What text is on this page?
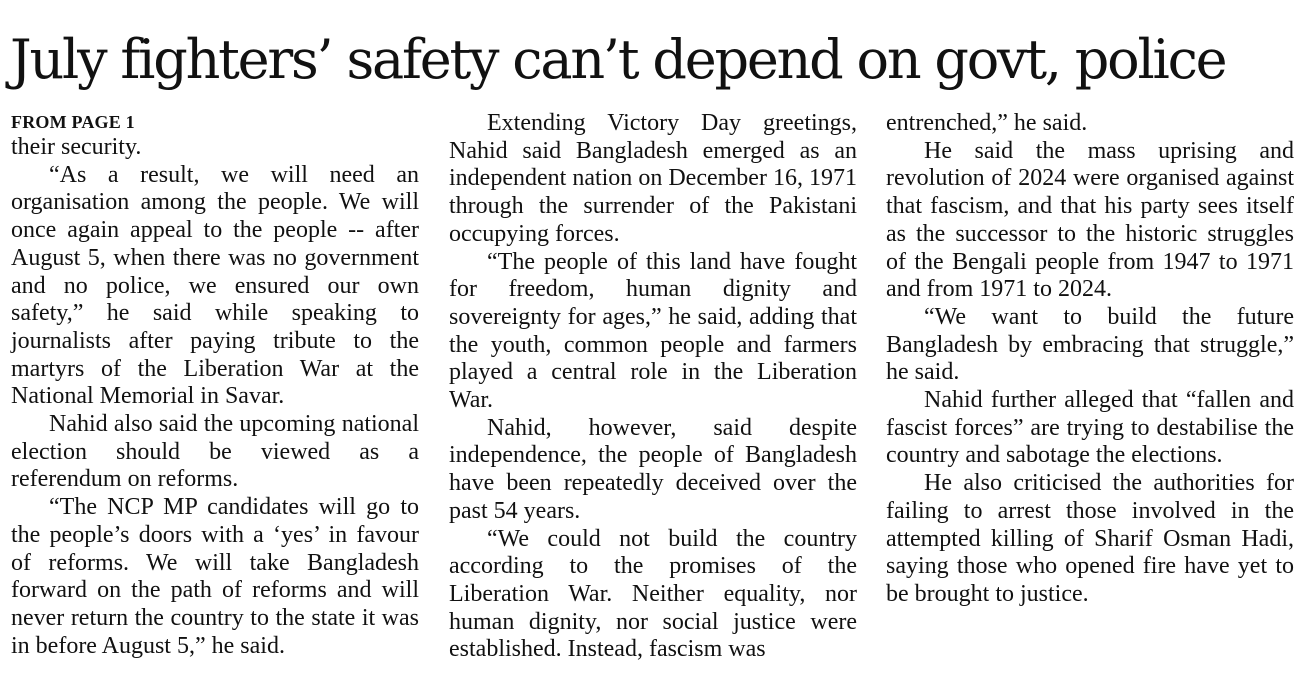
July fighters’ safety can’t depend on govt, police
FROM PAGE 1

their security.

“As a result, we will need an organisation among the people. We will once again appeal to the people -- after August 5, when there was no government and no police, we ensured our own safety,” he said while speaking to journalists after paying tribute to the martyrs of the Liberation War at the National Memorial in Savar.

Nahid also said the upcoming national election should be viewed as a referendum on reforms.

“The NCP MP candidates will go to the people’s doors with a ‘yes’ in favour of reforms. We will take Bangladesh forward on the path of reforms and will never return the country to the state it was in before August 5,” he said.

Extending Victory Day greetings, Nahid said Bangladesh emerged as an independent nation on December 16, 1971 through the surrender of the Pakistani occupying forces.

“The people of this land have fought for freedom, human dignity and sovereignty for ages,” he said, adding that the youth, common people and farmers played a central role in the Liberation War.

Nahid, however, said despite independence, the people of Bangladesh have been repeatedly deceived over the past 54 years.

“We could not build the country according to the promises of the Liberation War. Neither equality, nor human dignity, nor social justice were established. Instead, fascism was

entrenched,” he said.

He said the mass uprising and revolution of 2024 were organised against that fascism, and that his party sees itself as the successor to the historic struggles of the Bengali people from 1947 to 1971 and from 1971 to 2024.

“We want to build the future Bangladesh by embracing that struggle,” he said.

Nahid further alleged that “fallen and fascist forces” are trying to destabilise the country and sabotage the elections.

He also criticised the authorities for failing to arrest those involved in the attempted killing of Sharif Osman Hadi, saying those who opened fire have yet to be brought to justice.
